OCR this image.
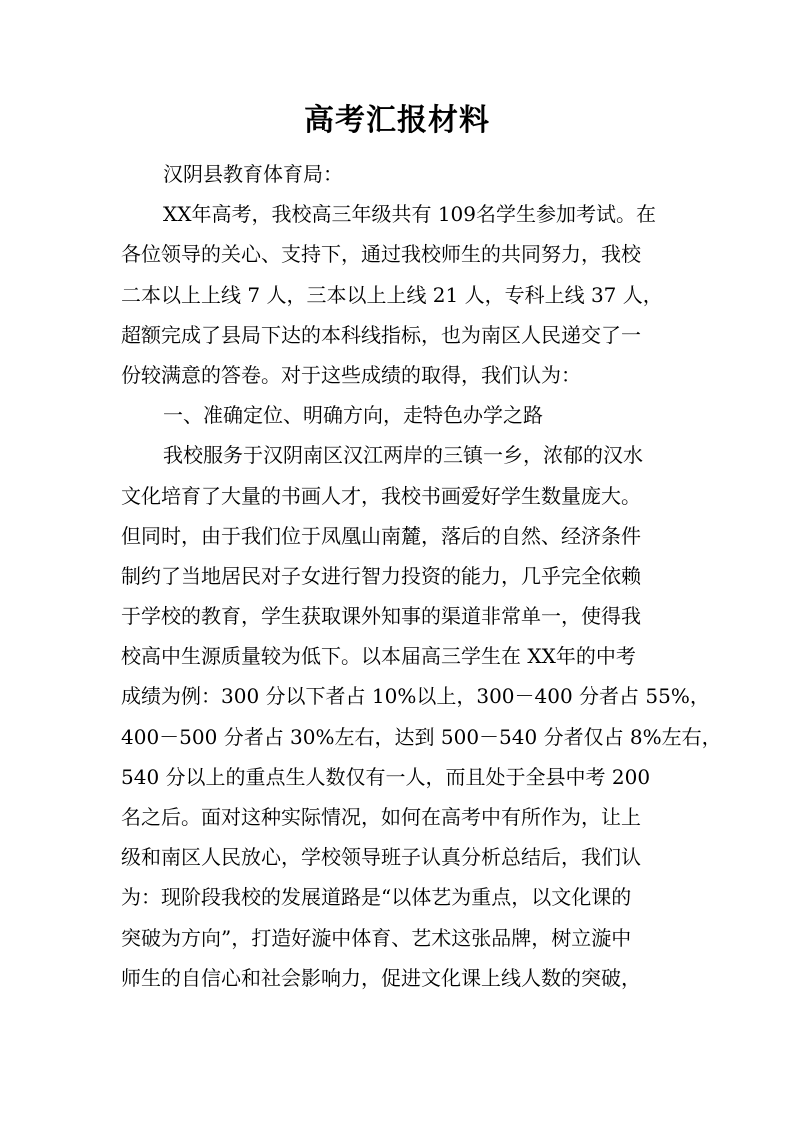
高考汇报材料
汉阴县教育体育局：
XX年高考，我校高三年级共有 109名学生参加考试。在
各位领导的关心、支持下，通过我校师生的共同努力，我校
二本以上上线 7 人，三本以上上线 21 人，专科上线 37 人，
超额完成了县局下达的本科线指标，也为南区人民递交了一
份较满意的答卷。对于这些成绩的取得，我们认为：
一、准确定位、明确方向，走特色办学之路
我校服务于汉阴南区汉江两岸的三镇一乡，浓郁的汉水
文化培育了大量的书画人才，我校书画爱好学生数量庞大。
但同时，由于我们位于凤凰山南麓，落后的自然、经济条件
制约了当地居民对子女进行智力投资的能力，几乎完全依赖
于学校的教育，学生获取课外知事的渠道非常单一，使得我
校高中生源质量较为低下。以本届高三学生在 XX年的中考
成绩为例：300 分以下者占 10%以上，300－400 分者占 55%，
400－500 分者占 30%左右，达到 500－540 分者仅占 8%左右，
540 分以上的重点生人数仅有一人，而且处于全县中考 200
名之后。面对这种实际情况，如何在高考中有所作为，让上
级和南区人民放心，学校领导班子认真分析总结后，我们认
为：现阶段我校的发展道路是“以体艺为重点，以文化课的
突破为方向”，打造好漩中体育、艺术这张品牌，树立漩中
师生的自信心和社会影响力，促进文化课上线人数的突破，
